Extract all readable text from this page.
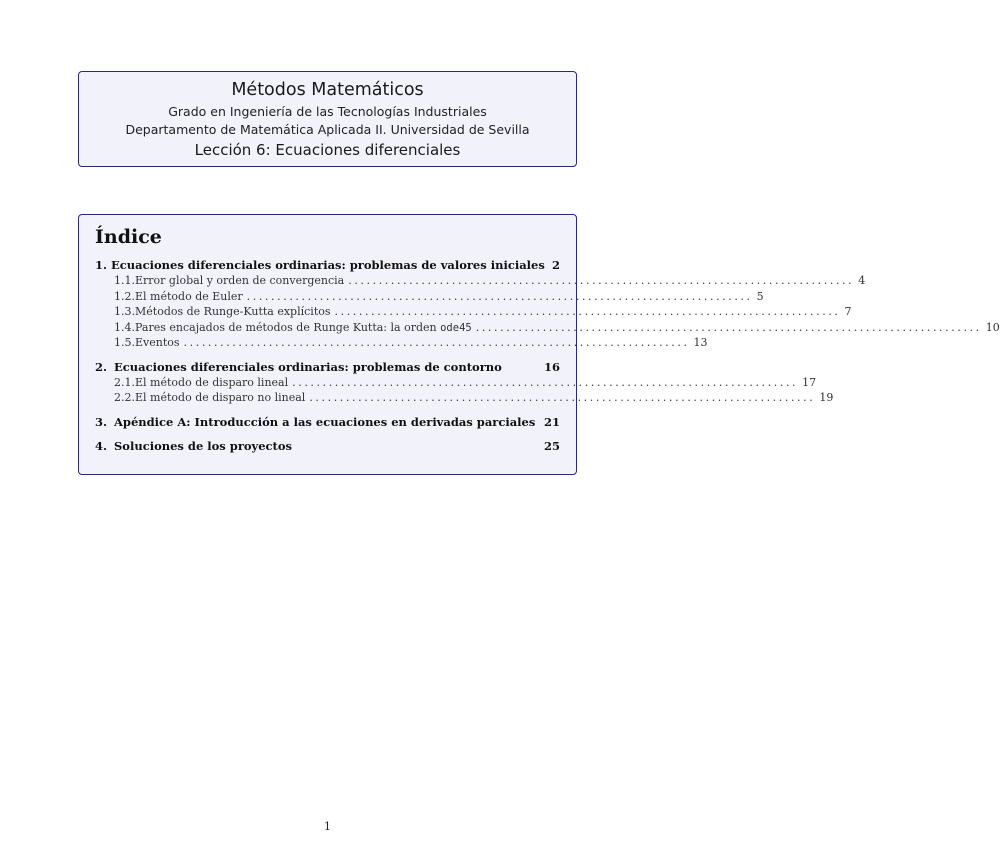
Métodos Matemáticos
Grado en Ingeniería de las Tecnologías Industriales
Departamento de Matemática Aplicada II. Universidad de Sevilla
Lección 6: Ecuaciones diferenciales
Índice
1. Ecuaciones diferenciales ordinarias: problemas de valores iniciales 2
1.1. Error global y orden de convergencia ................................................................................... 4
1.2. El método de Euler ................................................................................... 5
1.3. Métodos de Runge-Kutta explícitos ................................................................................... 7
1.4. Pares encajados de métodos de Runge Kutta: la orden ode45 ................................................................................... 10
1.5. Eventos ................................................................................... 13
2. Ecuaciones diferenciales ordinarias: problemas de contorno	16
2.1. El método de disparo lineal ................................................................................... 17
2.2. El método de disparo no lineal ................................................................................... 19
3. Apéndice A: Introducción a las ecuaciones en derivadas parciales 21
4. Soluciones de los proyectos	25
1
